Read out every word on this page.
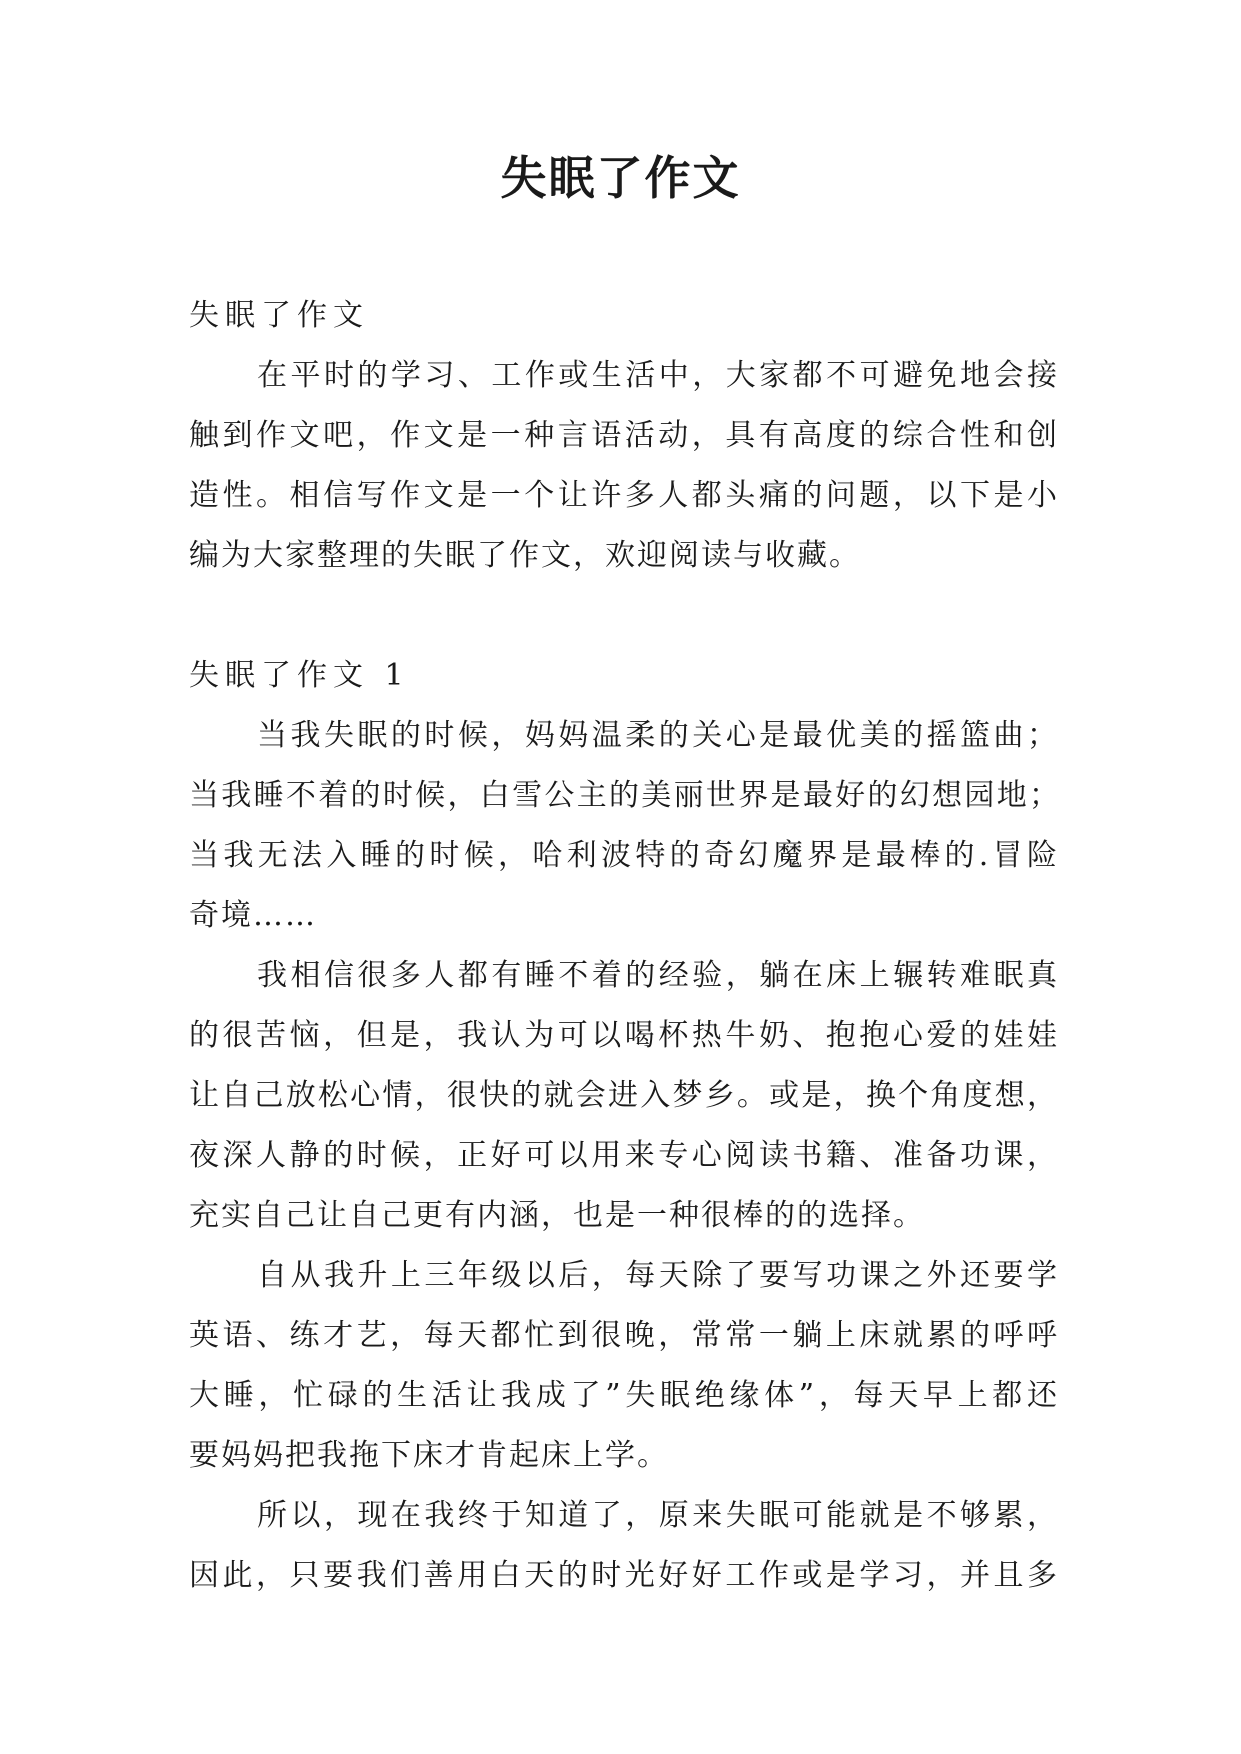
失眠了作文

失眠了作文

在平时的学习、工作或生活中，大家都不可避免地会接

触到作文吧，作文是一种言语活动，具有高度的综合性和创

造性。相信写作文是一个让许多人都头痛的问题，以下是小

编为大家整理的失眠了作文，欢迎阅读与收藏。

失眠了作文 1

当我失眠的时候，妈妈温柔的关心是最优美的摇篮曲；

当我睡不着的时候，白雪公主的美丽世界是最好的幻想园地；

当我无法入睡的时候，哈利波特的奇幻魔界是最棒的.冒险

奇境……

我相信很多人都有睡不着的经验，躺在床上辗转难眠真

的很苦恼，但是，我认为可以喝杯热牛奶、抱抱心爱的娃娃

让自己放松心情，很快的就会进入梦乡。或是，换个角度想，

夜深人静的时候，正好可以用来专心阅读书籍、准备功课，

充实自己让自己更有内涵，也是一种很棒的的选择。

自从我升上三年级以后，每天除了要写功课之外还要学

英语、练才艺，每天都忙到很晚，常常一躺上床就累的呼呼

大睡，忙碌的生活让我成了”失眠绝缘体”，每天早上都还

要妈妈把我拖下床才肯起床上学。

所以，现在我终于知道了，原来失眠可能就是不够累，

因此，只要我们善用白天的时光好好工作或是学习，并且多
